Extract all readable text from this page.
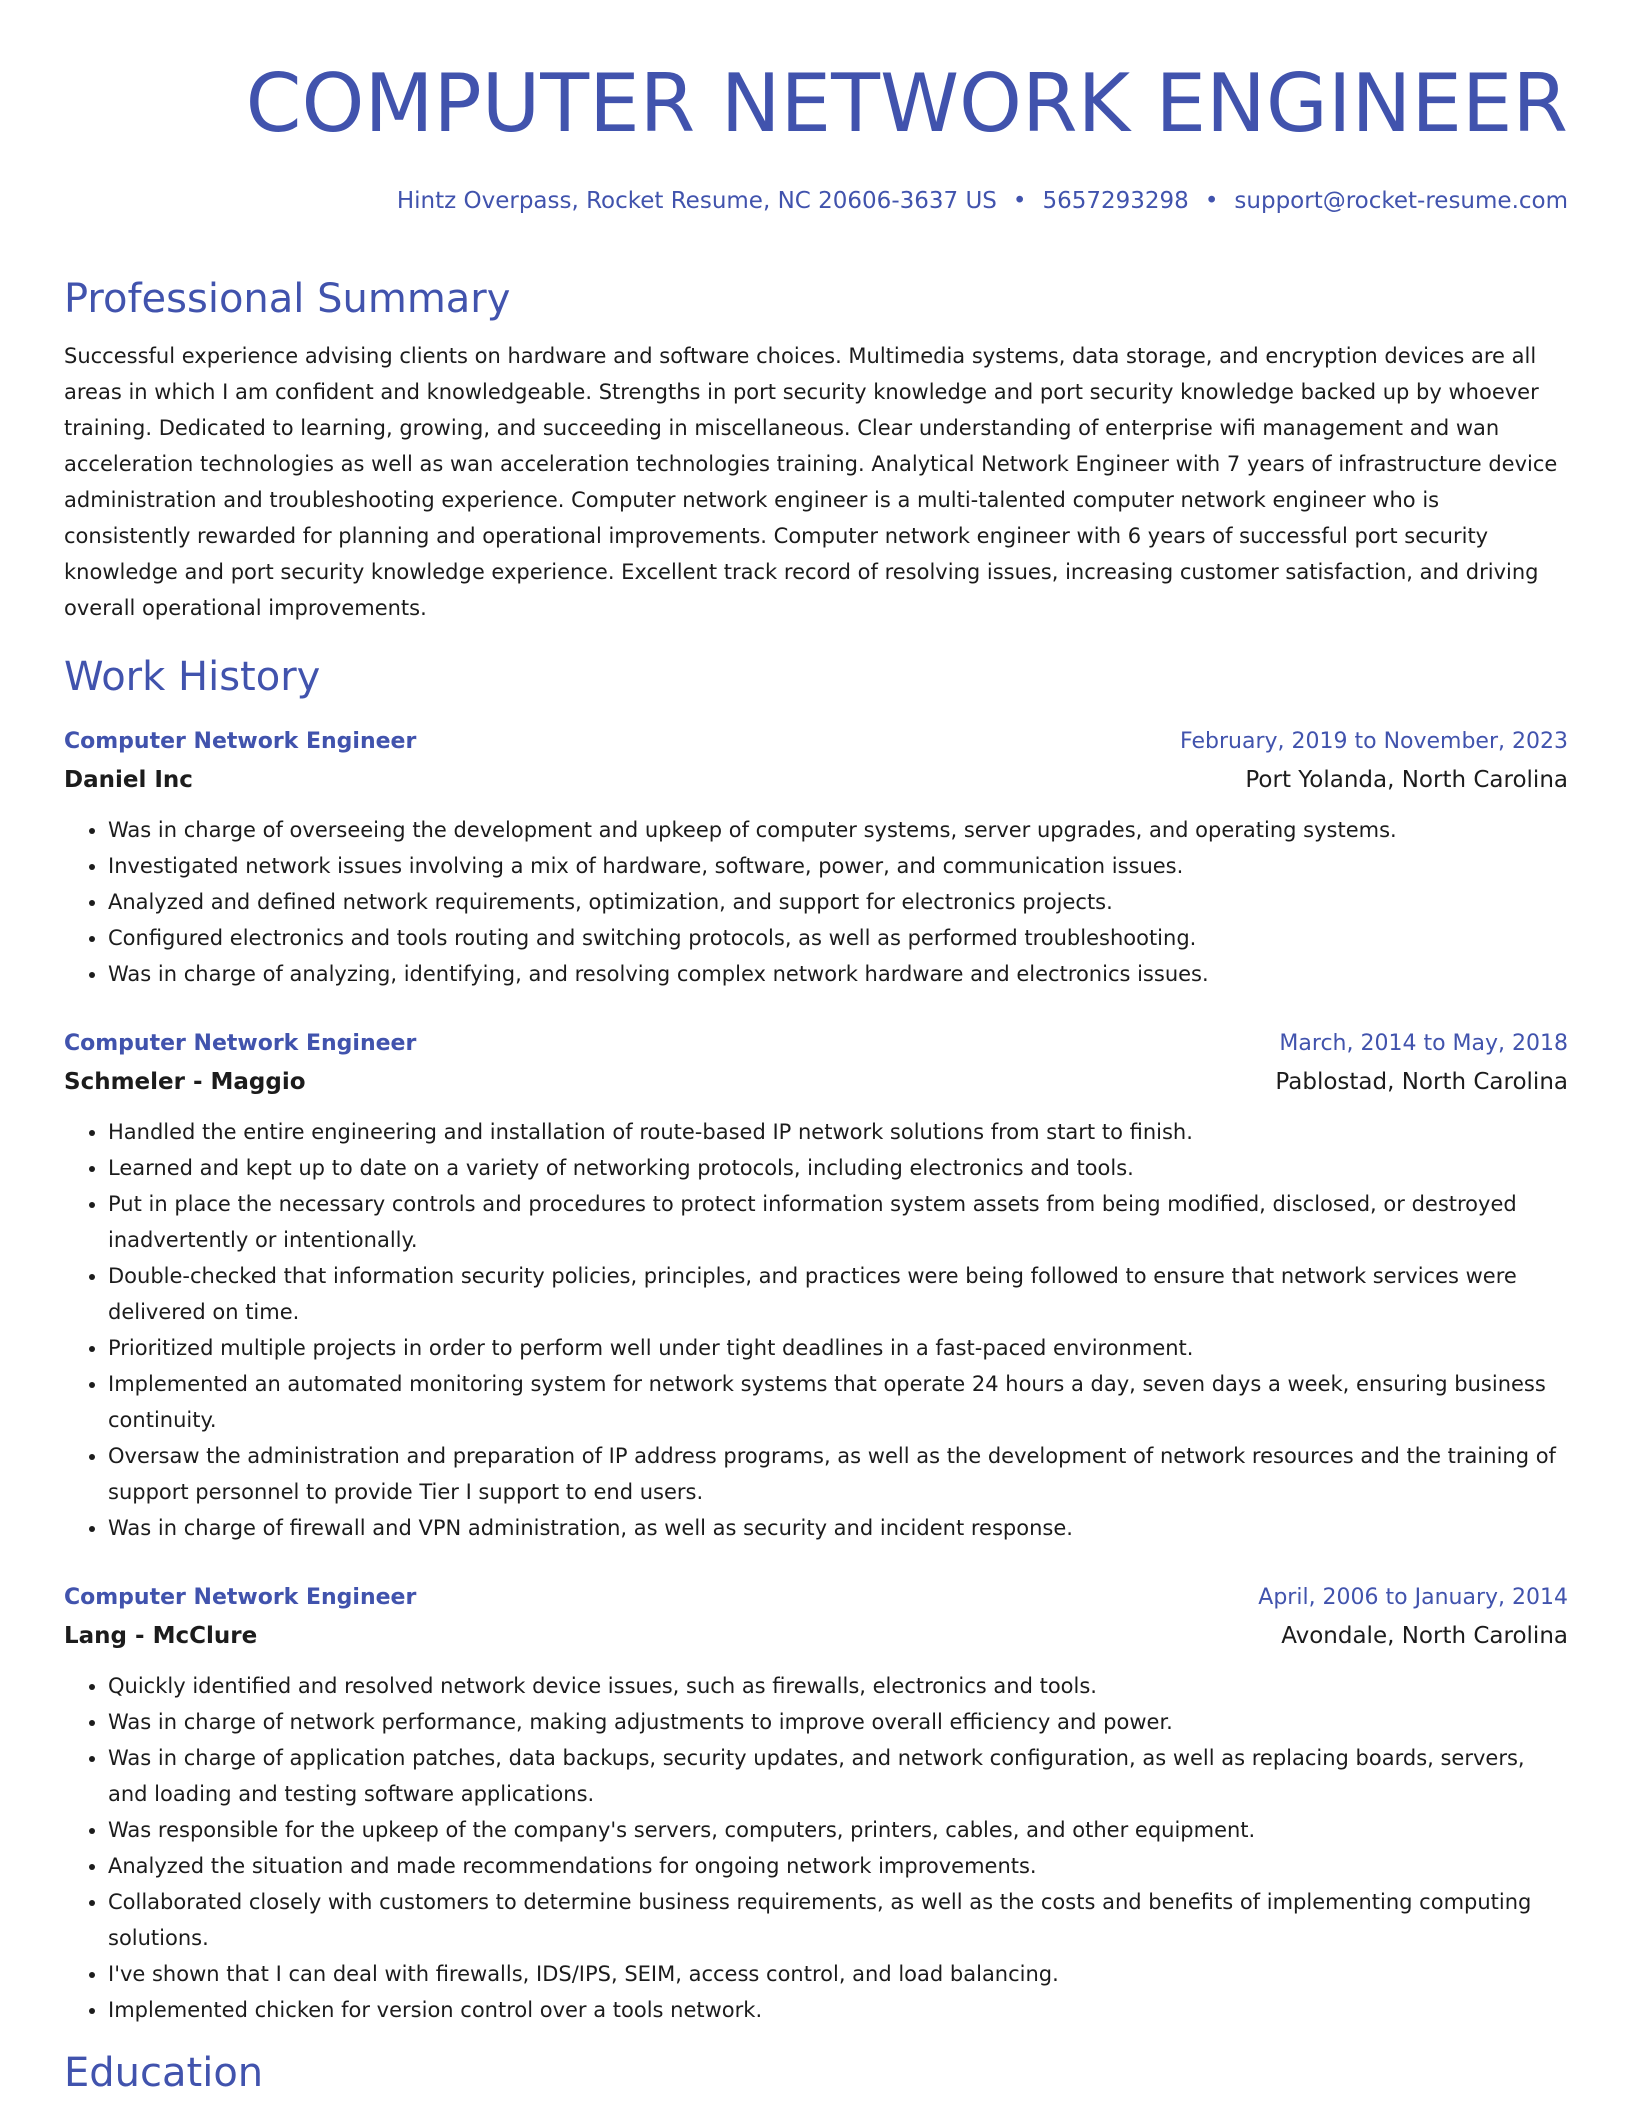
COMPUTER NETWORK ENGINEER
Hintz Overpass, Rocket Resume, NC 20606-3637 US • 5657293298 • support@rocket-resume.com
Professional Summary
Successful experience advising clients on hardware and software choices. Multimedia systems, data storage, and encryption devices are all areas in which I am confident and knowledgeable. Strengths in port security knowledge and port security knowledge backed up by whoever training. Dedicated to learning, growing, and succeeding in miscellaneous. Clear understanding of enterprise wifi management and wan acceleration technologies as well as wan acceleration technologies training. Analytical Network Engineer with 7 years of infrastructure device administration and troubleshooting experience. Computer network engineer is a multi-talented computer network engineer who is consistently rewarded for planning and operational improvements. Computer network engineer with 6 years of successful port security knowledge and port security knowledge experience. Excellent track record of resolving issues, increasing customer satisfaction, and driving overall operational improvements.
Work History
Computer Network Engineer	February, 2019 to November, 2023
Daniel Inc	Port Yolanda, North Carolina
• Was in charge of overseeing the development and upkeep of computer systems, server upgrades, and operating systems.
• Investigated network issues involving a mix of hardware, software, power, and communication issues.
• Analyzed and defined network requirements, optimization, and support for electronics projects.
• Configured electronics and tools routing and switching protocols, as well as performed troubleshooting.
• Was in charge of analyzing, identifying, and resolving complex network hardware and electronics issues.
Computer Network Engineer	March, 2014 to May, 2018
Schmeler - Maggio	Pablostad, North Carolina
• Handled the entire engineering and installation of route-based IP network solutions from start to finish.
• Learned and kept up to date on a variety of networking protocols, including electronics and tools.
• Put in place the necessary controls and procedures to protect information system assets from being modified, disclosed, or destroyed inadvertently or intentionally.
• Double-checked that information security policies, principles, and practices were being followed to ensure that network services were delivered on time.
• Prioritized multiple projects in order to perform well under tight deadlines in a fast-paced environment.
• Implemented an automated monitoring system for network systems that operate 24 hours a day, seven days a week, ensuring business continuity.
• Oversaw the administration and preparation of IP address programs, as well as the development of network resources and the training of support personnel to provide Tier I support to end users.
• Was in charge of firewall and VPN administration, as well as security and incident response.
Computer Network Engineer	April, 2006 to January, 2014
Lang - McClure	Avondale, North Carolina
• Quickly identified and resolved network device issues, such as firewalls, electronics and tools.
• Was in charge of network performance, making adjustments to improve overall efficiency and power.
• Was in charge of application patches, data backups, security updates, and network configuration, as well as replacing boards, servers, and loading and testing software applications.
• Was responsible for the upkeep of the company's servers, computers, printers, cables, and other equipment.
• Analyzed the situation and made recommendations for ongoing network improvements.
• Collaborated closely with customers to determine business requirements, as well as the costs and benefits of implementing computing solutions.
• I've shown that I can deal with firewalls, IDS/IPS, SEIM, access control, and load balancing.
• Implemented chicken for version control over a tools network.
Education
